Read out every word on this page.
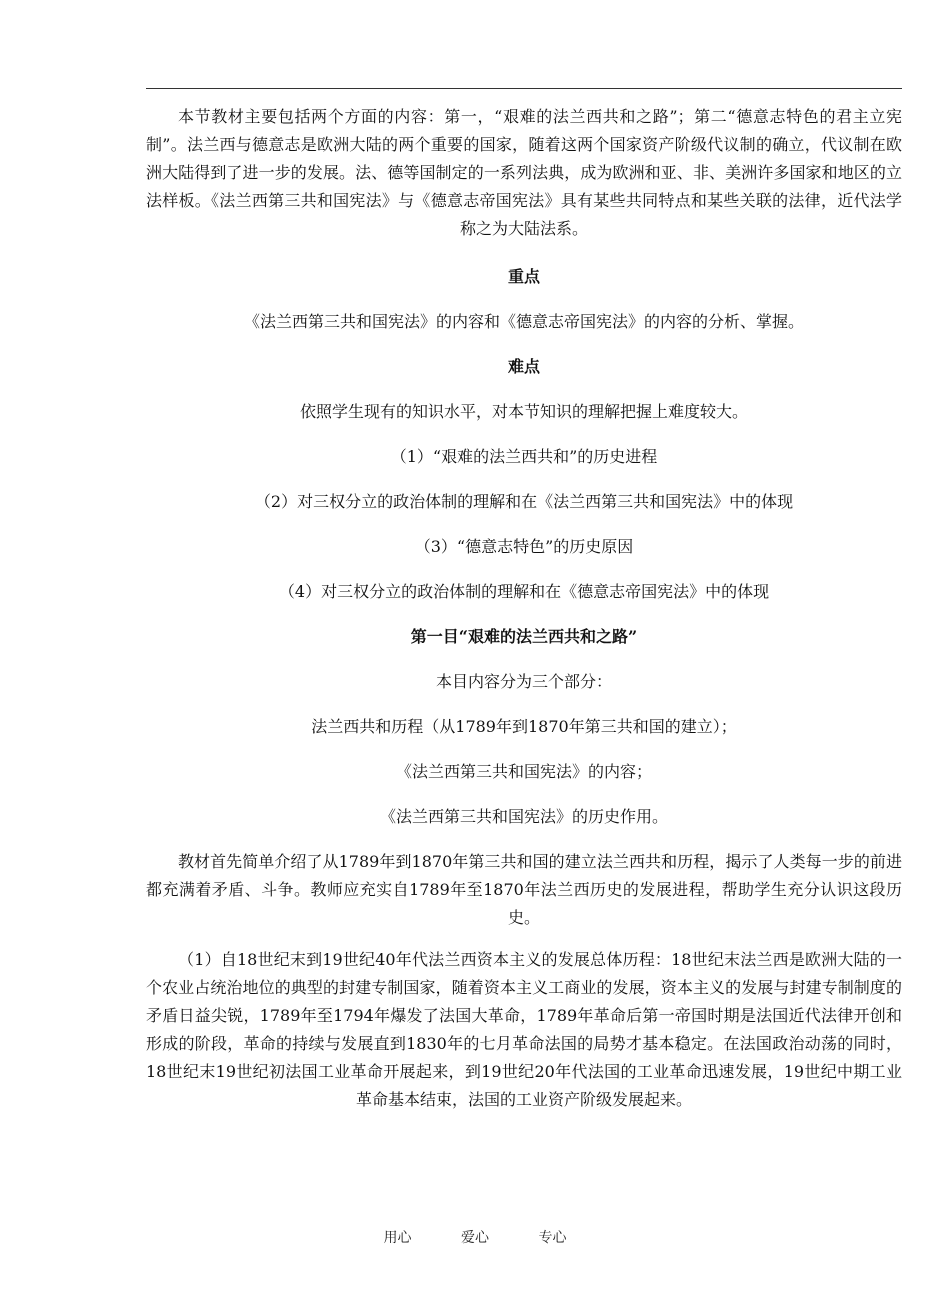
本节教材主要包括两个方面的内容：第一，“艰难的法兰西共和之路”；第二“德意志特色的君主立宪制”。法兰西与德意志是欧洲大陆的两个重要的国家，随着这两个国家资产阶级代议制的确立，代议制在欧洲大陆得到了进一步的发展。法、德等国制定的一系列法典，成为欧洲和亚、非、美洲许多国家和地区的立法样板。《法兰西第三共和国宪法》与《德意志帝国宪法》具有某些共同特点和某些关联的法律，近代法学称之为大陆法系。

重点

《法兰西第三共和国宪法》的内容和《德意志帝国宪法》的内容的分析、掌握。

难点

依照学生现有的知识水平，对本节知识的理解把握上难度较大。

（1）“艰难的法兰西共和”的历史进程

（2）对三权分立的政治体制的理解和在《法兰西第三共和国宪法》中的体现

（3）“德意志特色”的历史原因

（4）对三权分立的政治体制的理解和在《德意志帝国宪法》中的体现

第一目“艰难的法兰西共和之路”

本目内容分为三个部分：

法兰西共和历程（从1789年到1870年第三共和国的建立）；

《法兰西第三共和国宪法》的内容；

《法兰西第三共和国宪法》的历史作用。

教材首先简单介绍了从1789年到1870年第三共和国的建立法兰西共和历程，揭示了人类每一步的前进都充满着矛盾、斗争。教师应充实自1789年至1870年法兰西历史的发展进程，帮助学生充分认识这段历史。

（1）自18世纪末到19世纪40年代法兰西资本主义的发展总体历程：18世纪末法兰西是欧洲大陆的一个农业占统治地位的典型的封建专制国家，随着资本主义工商业的发展，资本主义的发展与封建专制制度的矛盾日益尖锐，1789年至1794年爆发了法国大革命，1789年革命后第一帝国时期是法国近代法律开创和形成的阶段，革命的持续与发展直到1830年的七月革命法国的局势才基本稳定。在法国政治动荡的同时，18世纪末19世纪初法国工业革命开展起来，到19世纪20年代法国的工业革命迅速发展，19世纪中期工业革命基本结束，法国的工业资产阶级发展起来。

用心	爱心	专心
